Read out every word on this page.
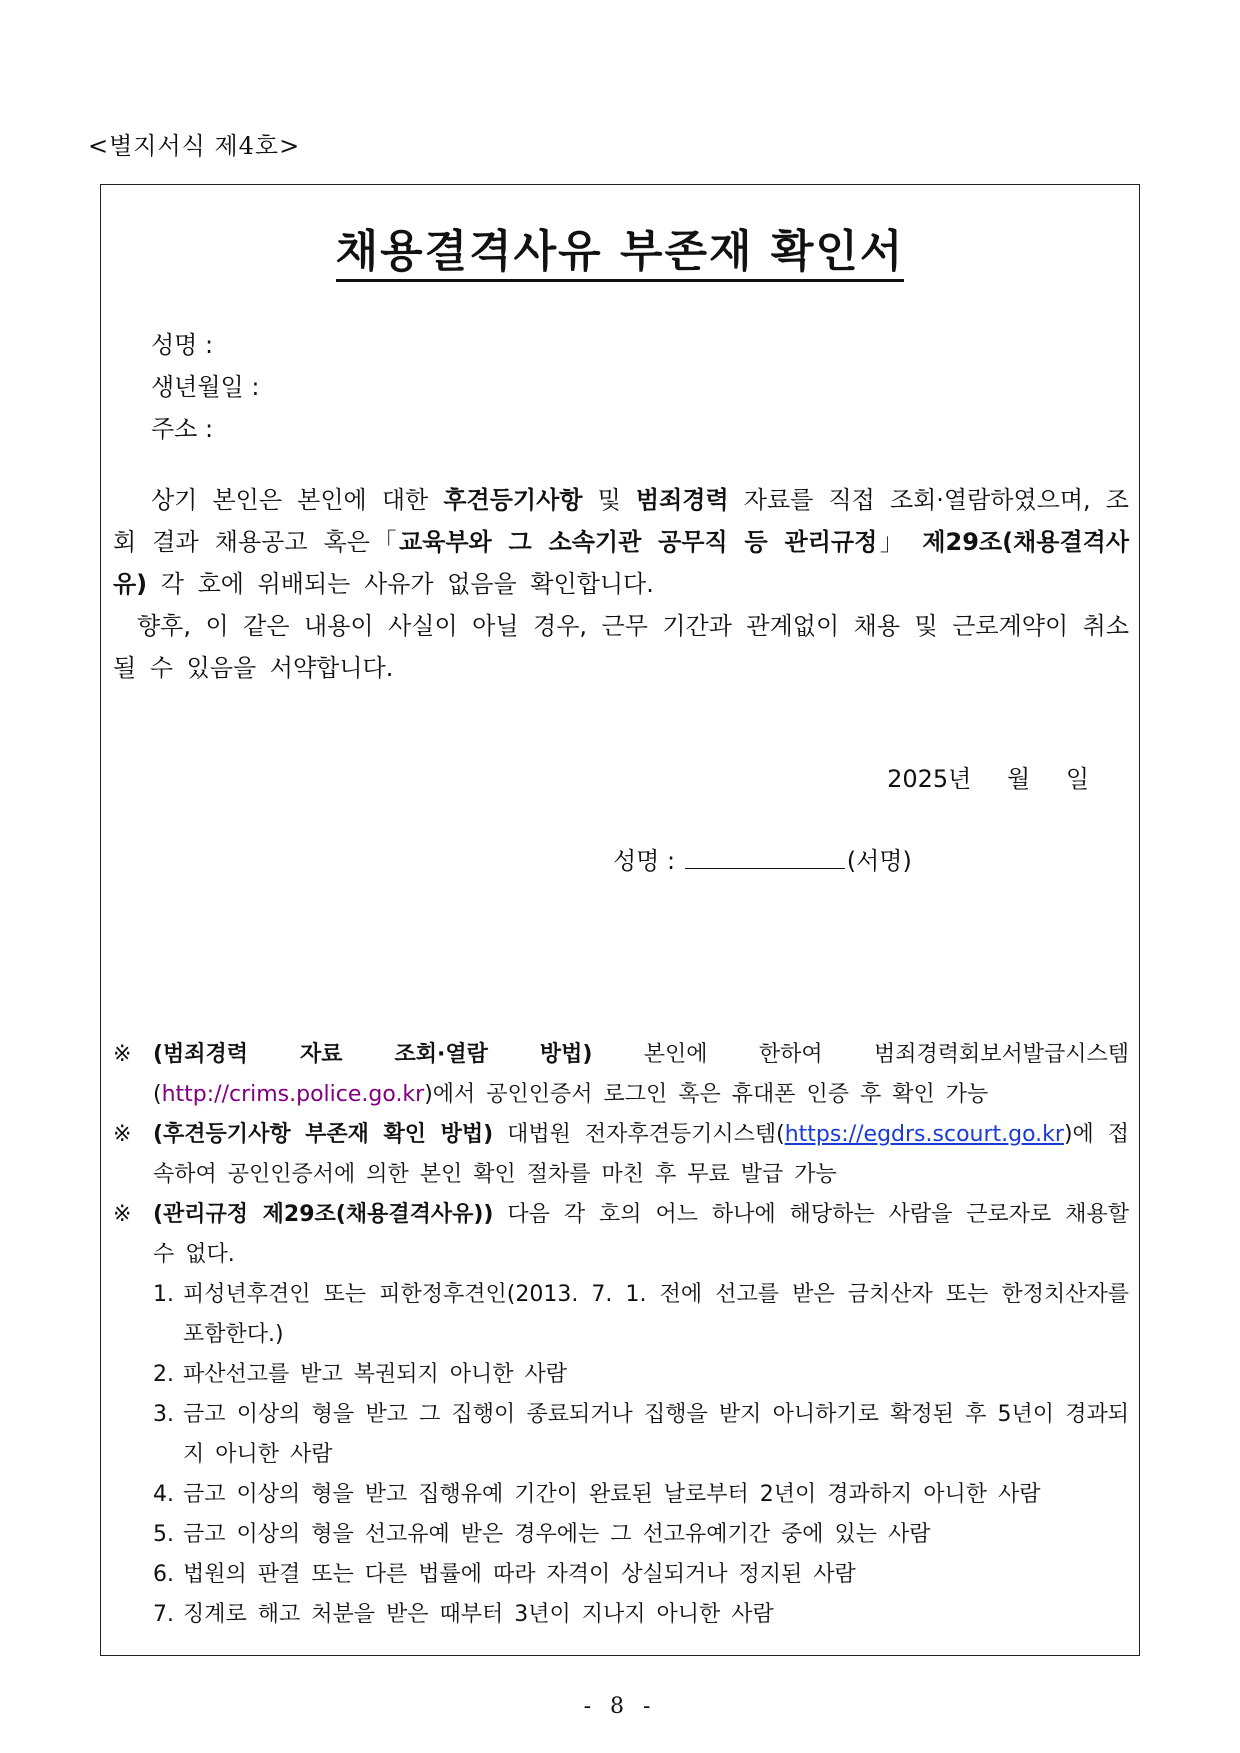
<별지서식 제4호>
채용결격사유 부존재 확인서
성명 :
생년월일 :
주소 :

상기 본인은 본인에 대한 후견등기사항 및 범죄경력 자료를 직접 조회·열람하였으며, 조회 결과 채용공고 혹은「교육부와 그 소속기관 공무직 등 관리규정」 제29조(채용결격사유) 각 호에 위배되는 사유가 없음을 확인합니다.

향후, 이 같은 내용이 사실이 아닐 경우, 근무 기간과 관계없이 채용 및 근로계약이 취소 될 수 있음을 서약합니다.

2025년 월 일
성명 :	(서명)
※ (범죄경력 자료 조회·열람 방법) 본인에 한하여 범죄경력회보서발급시스템(http://crims.police.go.kr)에서 공인인증서 로그인 혹은 휴대폰 인증 후 확인 가능
※ (후견등기사항 부존재 확인 방법) 대법원 전자후견등기시스템(https://egdrs.scourt.go.kr)에 접속하여 공인인증서에 의한 본인 확인 절차를 마친 후 무료 발급 가능
※ (관리규정 제29조(채용결격사유)) 다음 각 호의 어느 하나에 해당하는 사람을 근로자로 채용할 수 없다.
1. 피성년후견인 또는 피한정후견인(2013. 7. 1. 전에 선고를 받은 금치산자 또는 한정치산자를 포함한다.)
2. 파산선고를 받고 복권되지 아니한 사람
3. 금고 이상의 형을 받고 그 집행이 종료되거나 집행을 받지 아니하기로 확정된 후 5년이 경과되지 아니한 사람
4. 금고 이상의 형을 받고 집행유예 기간이 완료된 날로부터 2년이 경과하지 아니한 사람
5. 금고 이상의 형을 선고유예 받은 경우에는 그 선고유예기간 중에 있는 사람
6. 법원의 판결 또는 다른 법률에 따라 자격이 상실되거나 정지된 사람
7. 징계로 해고 처분을 받은 때부터 3년이 지나지 아니한 사람
- 8 -
